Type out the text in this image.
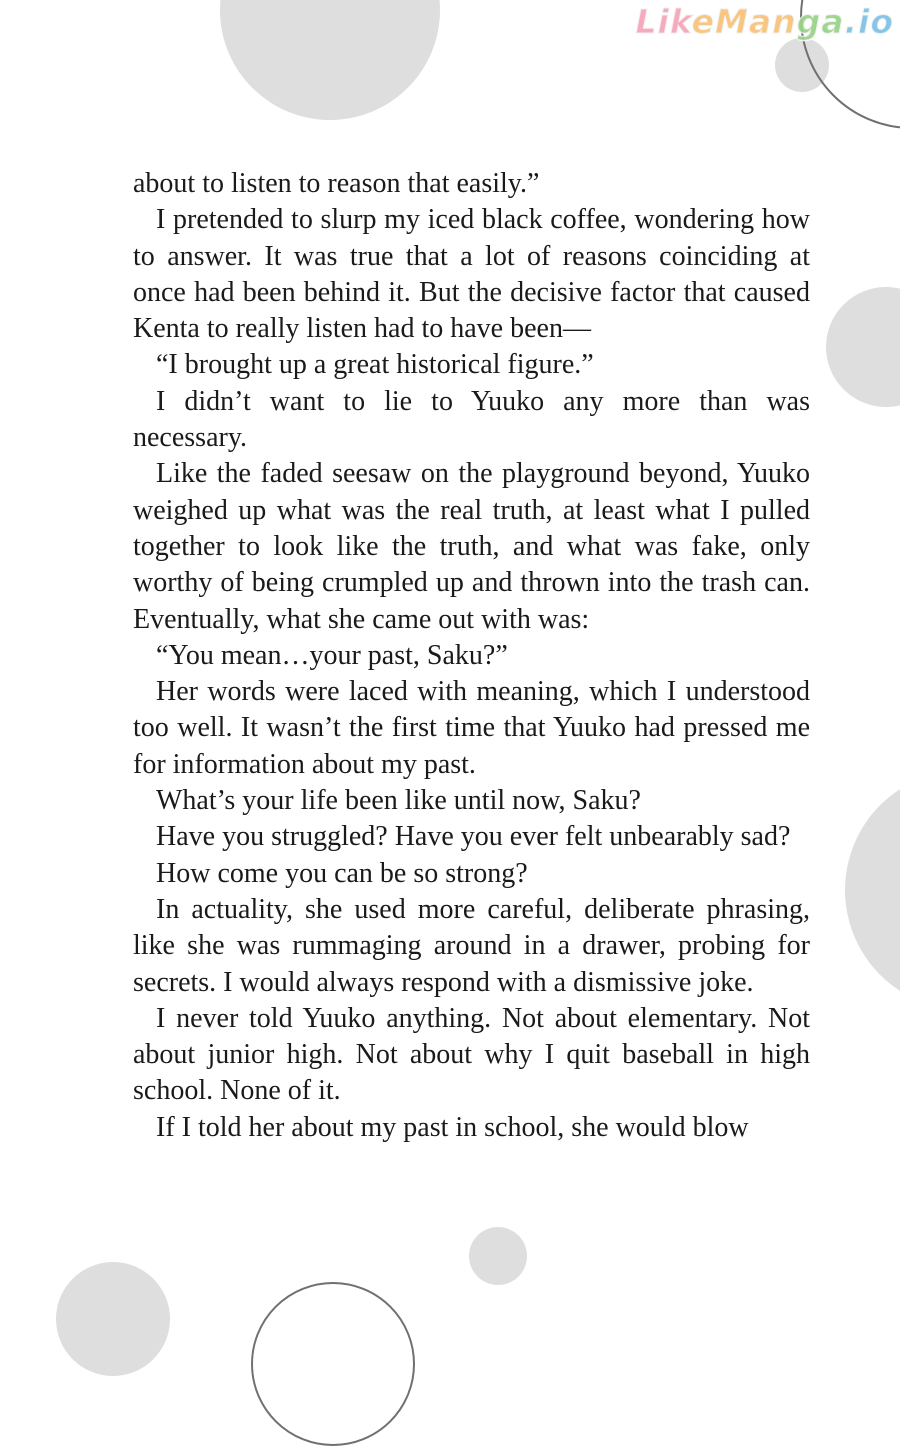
LikeManga.io

about to listen to reason that easily.”

I pretended to slurp my iced black coffee, wondering how to answer. It was true that a lot of reasons coinciding at once had been behind it. But the decisive factor that caused Kenta to really listen had to have been—

“I brought up a great historical figure.”

I didn’t want to lie to Yuuko any more than was necessary.

Like the faded seesaw on the playground beyond, Yuuko weighed up what was the real truth, at least what I pulled together to look like the truth, and what was fake, only worthy of being crumpled up and thrown into the trash can. Eventually, what she came out with was:

“You mean…your past, Saku?”

Her words were laced with meaning, which I understood too well. It wasn’t the first time that Yuuko had pressed me for information about my past.

What’s your life been like until now, Saku?

Have you struggled? Have you ever felt unbearably sad?

How come you can be so strong?

In actuality, she used more careful, deliberate phrasing, like she was rummaging around in a drawer, probing for secrets. I would always respond with a dismissive joke.

I never told Yuuko anything. Not about elementary. Not about junior high. Not about why I quit baseball in high school. None of it.

If I told her about my past in school, she would blow
